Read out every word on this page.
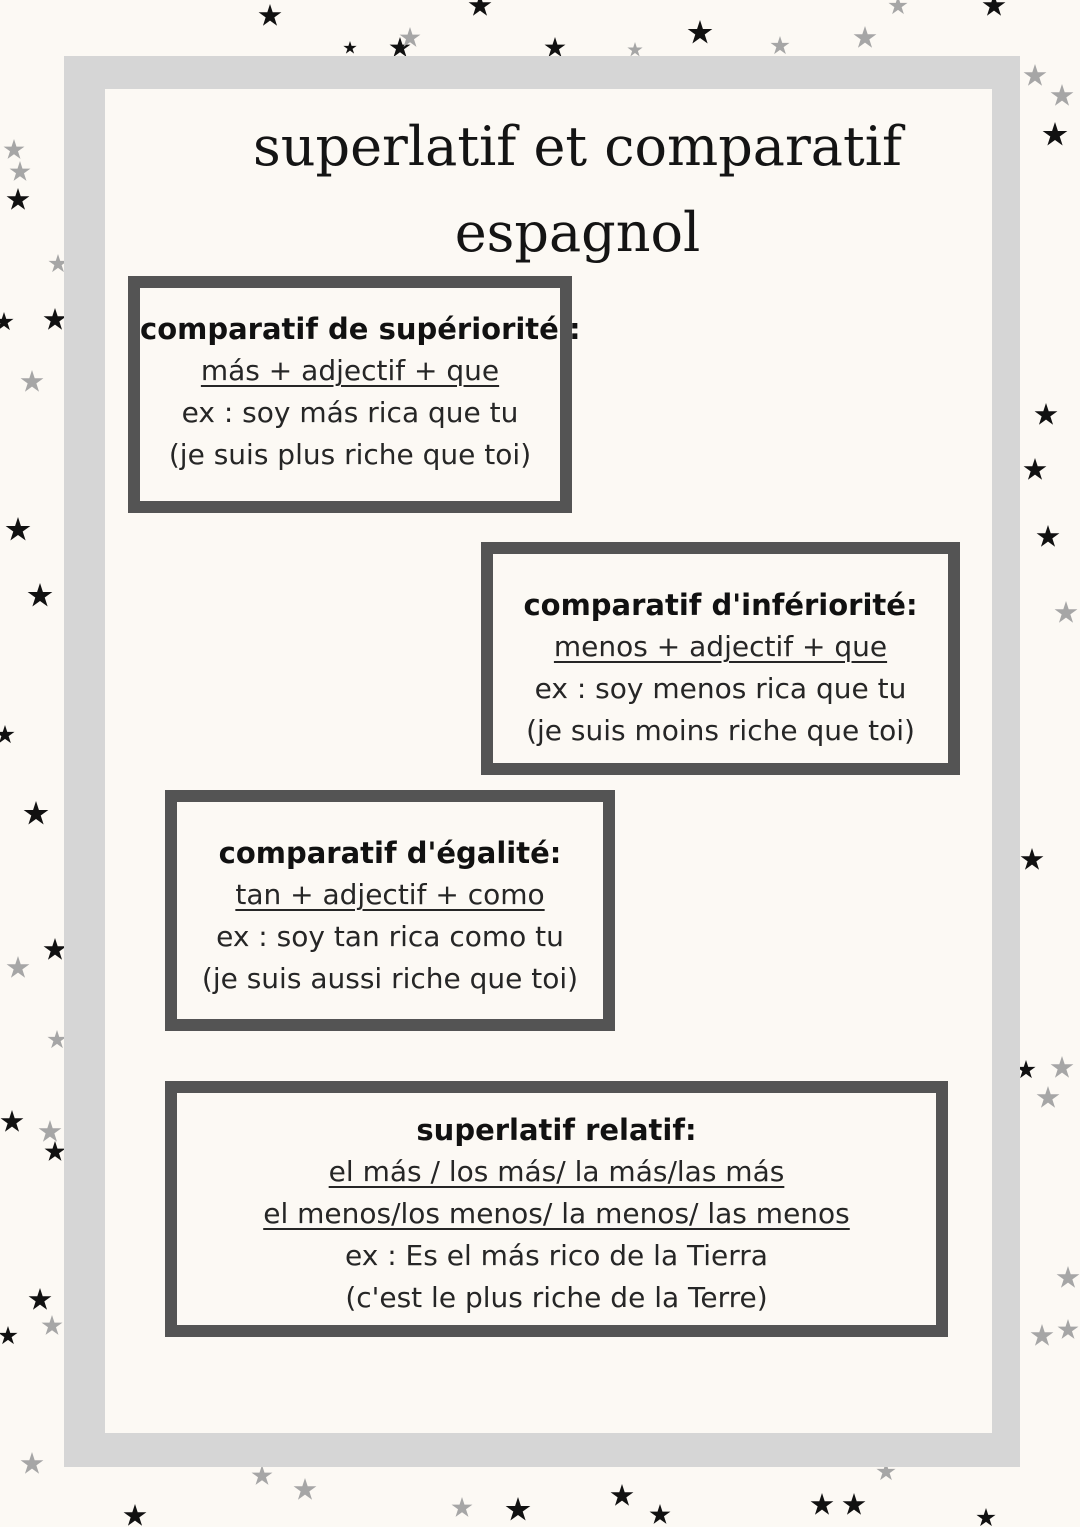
superlatif et comparatif
espagnol
comparatif de supériorité :
más + adjectif + que
ex : soy más rica que tu
(je suis plus riche que toi)
comparatif d'infériorité:
menos + adjectif + que
ex : soy menos rica que tu
(je suis moins riche que toi)
comparatif d'égalité:
tan + adjectif + como
ex : soy tan rica como tu
(je suis aussi riche que toi)
superlatif relatif:
el más / los más/ la más/las más
el menos/los menos/ la menos/ las menos
ex : Es el más rico de la Tierra
(c'est le plus riche de la Terre)
